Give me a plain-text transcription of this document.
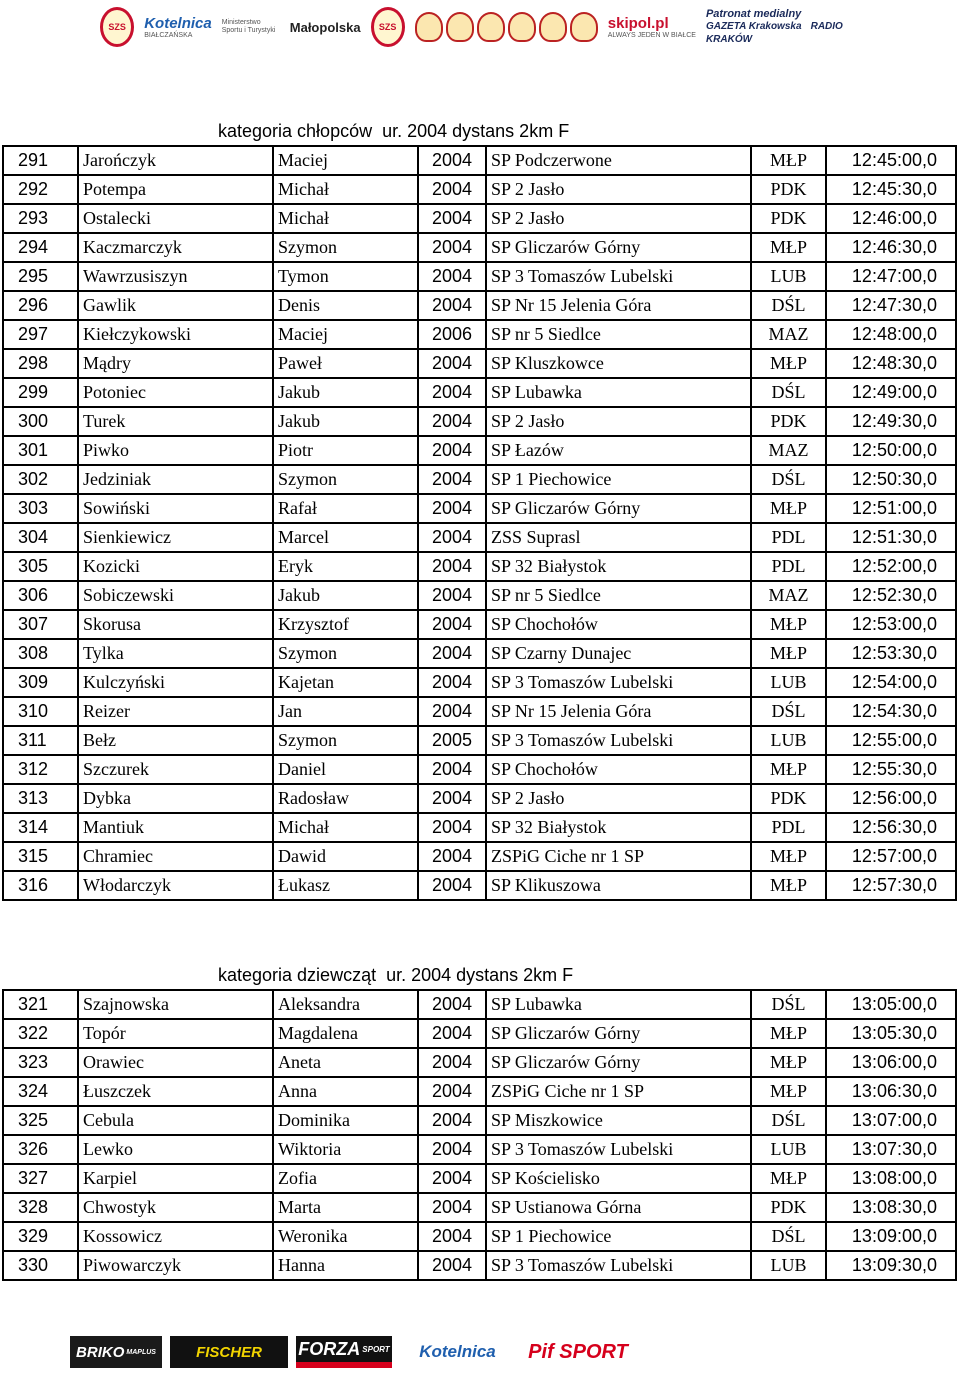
SZS	Kotelnica
BIAŁCZAŃSKA
Ministerstwo Sportu i Turystyki	Małopolska	SZS	skipol.pl
ALWAYS JEDEN W BIAŁCE
Patronat medialny
GAZETA Krakowska RADIO KRAKÓW
kategoria chłopców  ur. 2004 dystans 2km F
291	Jarończyk	Maciej	2004	SP Podczerwone	MŁP	12:45:00,0
292	Potempa	Michał	2004	SP 2 Jasło	PDK	12:45:30,0
293	Ostalecki	Michał	2004	SP 2 Jasło	PDK	12:46:00,0
294	Kaczmarczyk	Szymon	2004	SP Gliczarów Górny	MŁP	12:46:30,0
295	Wawrzusiszyn	Tymon	2004	SP 3 Tomaszów Lubelski	LUB	12:47:00,0
296	Gawlik	Denis	2004	SP Nr 15 Jelenia Góra	DŚL	12:47:30,0
297	Kiełczykowski	Maciej	2006	SP nr 5 Siedlce	MAZ	12:48:00,0
298	Mądry	Paweł	2004	SP Kluszkowce	MŁP	12:48:30,0
299	Potoniec	Jakub	2004	SP Lubawka	DŚL	12:49:00,0
300	Turek	Jakub	2004	SP 2 Jasło	PDK	12:49:30,0
301	Piwko	Piotr	2004	SP Łazów	MAZ	12:50:00,0
302	Jedziniak	Szymon	2004	SP 1 Piechowice	DŚL	12:50:30,0
303	Sowiński	Rafał	2004	SP Gliczarów Górny	MŁP	12:51:00,0
304	Sienkiewicz	Marcel	2004	ZSS Suprasl	PDL	12:51:30,0
305	Kozicki	Eryk	2004	SP 32 Białystok	PDL	12:52:00,0
306	Sobiczewski	Jakub	2004	SP nr 5 Siedlce	MAZ	12:52:30,0
307	Skorusa	Krzysztof	2004	SP Chochołów	MŁP	12:53:00,0
308	Tylka	Szymon	2004	SP Czarny Dunajec	MŁP	12:53:30,0
309	Kulczyński	Kajetan	2004	SP 3 Tomaszów Lubelski	LUB	12:54:00,0
310	Reizer	Jan	2004	SP Nr 15 Jelenia Góra	DŚL	12:54:30,0
311	Bełz	Szymon	2005	SP 3 Tomaszów Lubelski	LUB	12:55:00,0
312	Szczurek	Daniel	2004	SP Chochołów	MŁP	12:55:30,0
313	Dybka	Radosław	2004	SP 2 Jasło	PDK	12:56:00,0
314	Mantiuk	Michał	2004	SP 32 Białystok	PDL	12:56:30,0
315	Chramiec	Dawid	2004	ZSPiG Ciche nr 1 SP	MŁP	12:57:00,0
316	Włodarczyk	Łukasz	2004	SP Klikuszowa	MŁP	12:57:30,0
kategoria dziewcząt  ur. 2004 dystans 2km F
321	Szajnowska	Aleksandra	2004	SP Lubawka	DŚL	13:05:00,0
322	Topór	Magdalena	2004	SP Gliczarów Górny	MŁP	13:05:30,0
323	Orawiec	Aneta	2004	SP Gliczarów Górny	MŁP	13:06:00,0
324	Łuszczek	Anna	2004	ZSPiG Ciche nr 1 SP	MŁP	13:06:30,0
325	Cebula	Dominika	2004	SP Miszkowice	DŚL	13:07:00,0
326	Lewko	Wiktoria	2004	SP 3 Tomaszów Lubelski	LUB	13:07:30,0
327	Karpiel	Zofia	2004	SP Kościelisko	MŁP	13:08:00,0
328	Chwostyk	Marta	2004	SP Ustianowa Górna	PDK	13:08:30,0
329	Kossowicz	Weronika	2004	SP 1 Piechowice	DŚL	13:09:00,0
330	Piwowarczyk	Hanna	2004	SP 3 Tomaszów Lubelski	LUB	13:09:30,0
BRIKO MAPLUS	FISCHER	FORZA SPORT	Kotelnica	Pif SPORT
